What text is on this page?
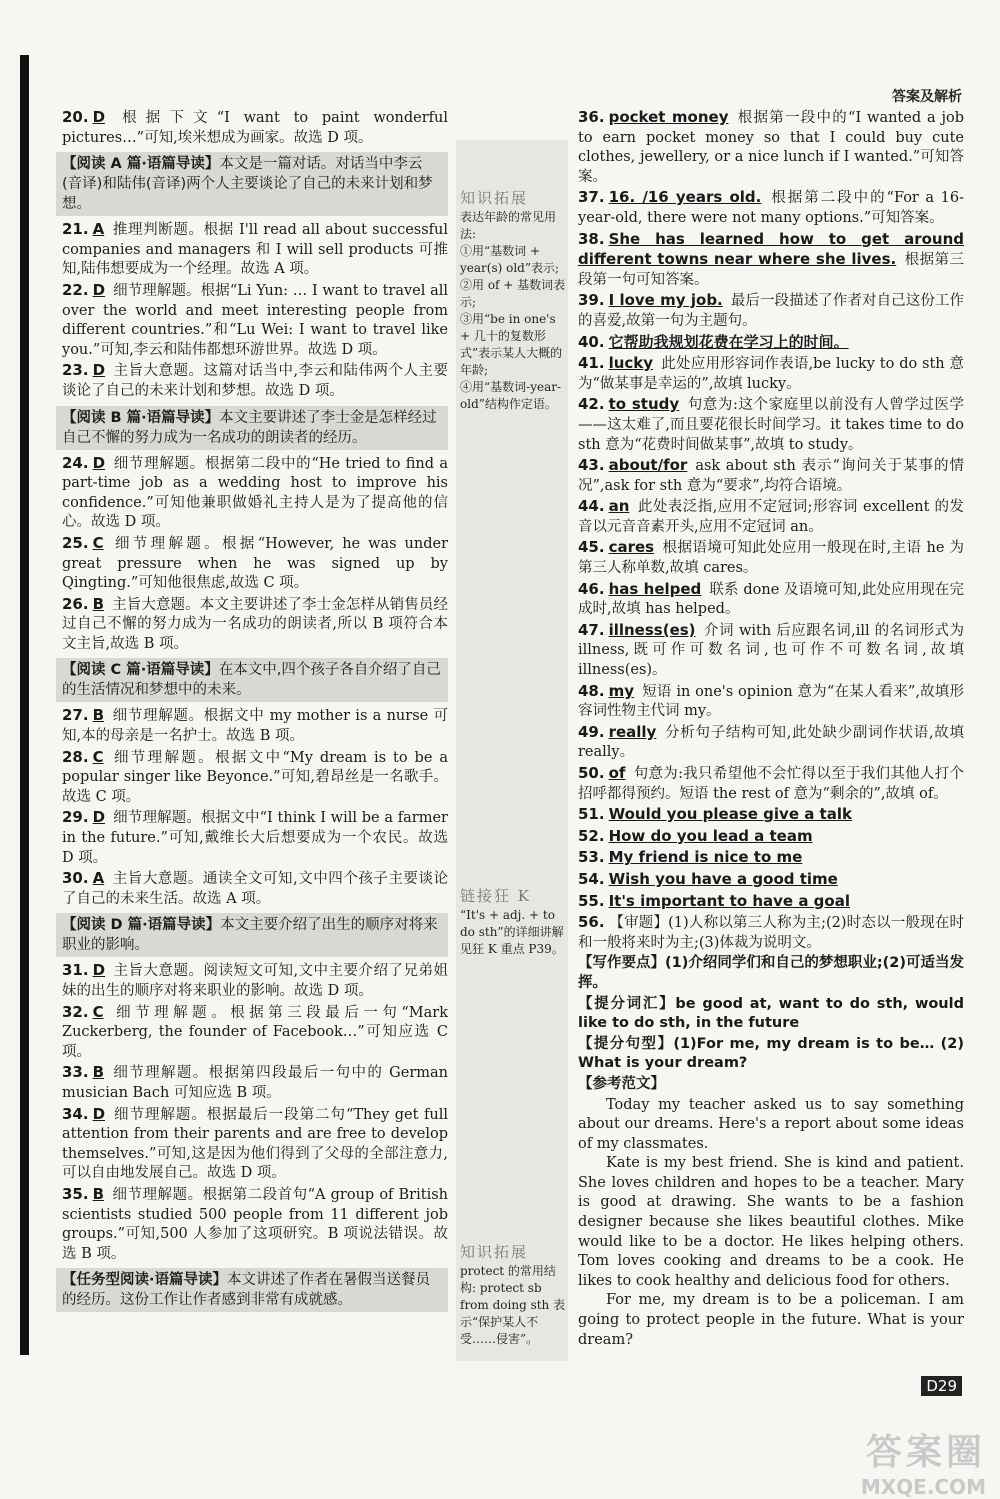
答案及解析
知识拓展

表达年龄的常见用法:

①用“基数词 + year(s) old”表示;

②用 of + 基数词表示;

③用“be in one's + 几十的复数形式”表示某人大概的年龄;

④用“基数词-year-old”结构作定语。

链接狂 K

“It's + adj. + to do sth”的详细讲解见狂 K 重点 P39。

知识拓展

protect 的常用结构: protect sb from doing sth 表示“保护某人不受……侵害”。

20. D 根据下文“I want to paint wonderful pictures…”可知,埃米想成为画家。故选 D 项。

【阅读 A 篇·语篇导读】本文是一篇对话。对话当中李云(音译)和陆伟(音译)两个人主要谈论了自己的未来计划和梦想。

21. A 推理判断题。根据 I'll read all about successful companies and managers 和 I will sell products 可推知,陆伟想要成为一个经理。故选 A 项。

22. D 细节理解题。根据“Li Yun: … I want to travel all over the world and meet interesting people from different countries.”和“Lu Wei: I want to travel like you.”可知,李云和陆伟都想环游世界。故选 D 项。

23. D 主旨大意题。这篇对话当中,李云和陆伟两个人主要谈论了自己的未来计划和梦想。故选 D 项。

【阅读 B 篇·语篇导读】本文主要讲述了李士金是怎样经过自己不懈的努力成为一名成功的朗读者的经历。

24. D 细节理解题。根据第二段中的“He tried to find a part-time job as a wedding host to improve his confidence.”可知他兼职做婚礼主持人是为了提高他的信心。故选 D 项。

25. C 细节理解题。根据“However, he was under great pressure when he was signed up by Qingting.”可知他很焦虑,故选 C 项。

26. B 主旨大意题。本文主要讲述了李士金怎样从销售员经过自己不懈的努力成为一名成功的朗读者,所以 B 项符合本文主旨,故选 B 项。

【阅读 C 篇·语篇导读】在本文中,四个孩子各自介绍了自己的生活情况和梦想中的未来。

27. B 细节理解题。根据文中 my mother is a nurse 可知,本的母亲是一名护士。故选 B 项。

28. C 细节理解题。根据文中“My dream is to be a popular singer like Beyonce.”可知,碧昂丝是一名歌手。故选 C 项。

29. D 细节理解题。根据文中“I think I will be a farmer in the future.”可知,戴维长大后想要成为一个农民。故选 D 项。

30. A 主旨大意题。通读全文可知,文中四个孩子主要谈论了自己的未来生活。故选 A 项。

【阅读 D 篇·语篇导读】本文主要介绍了出生的顺序对将来职业的影响。

31. D 主旨大意题。阅读短文可知,文中主要介绍了兄弟姐妹的出生的顺序对将来职业的影响。故选 D 项。

32. C 细节理解题。根据第三段最后一句“Mark Zuckerberg, the founder of Facebook…”可知应选 C 项。

33. B 细节理解题。根据第四段最后一句中的 German musician Bach 可知应选 B 项。

34. D 细节理解题。根据最后一段第二句“They get full attention from their parents and are free to develop themselves.”可知,这是因为他们得到了父母的全部注意力,可以自由地发展自己。故选 D 项。

35. B 细节理解题。根据第二段首句“A group of British scientists studied 500 people from 11 different job groups.”可知,500 人参加了这项研究。B 项说法错误。故选 B 项。

【任务型阅读·语篇导读】本文讲述了作者在暑假当送餐员的经历。这份工作让作者感到非常有成就感。

36. pocket money 根据第一段中的“I wanted a job to earn pocket money so that I could buy cute clothes, jewellery, or a nice lunch if I wanted.”可知答案。

37. 16. /16 years old. 根据第二段中的“For a 16-year-old, there were not many options.”可知答案。

38. She has learned how to get around different towns near where she lives. 根据第三段第一句可知答案。

39. I love my job. 最后一段描述了作者对自己这份工作的喜爱,故第一句为主题句。

40. 它帮助我规划花费在学习上的时间。

41. lucky 此处应用形容词作表语,be lucky to do sth 意为“做某事是幸运的”,故填 lucky。

42. to study 句意为:这个家庭里以前没有人曾学过医学——这太难了,而且要花很长时间学习。it takes time to do sth 意为“花费时间做某事”,故填 to study。

43. about/for ask about sth 表示“询问关于某事的情况”,ask for sth 意为“要求”,均符合语境。

44. an 此处表泛指,应用不定冠词;形容词 excellent 的发音以元音音素开头,应用不定冠词 an。

45. cares 根据语境可知此处应用一般现在时,主语 he 为第三人称单数,故填 cares。

46. has helped 联系 done 及语境可知,此处应用现在完成时,故填 has helped。

47. illness(es) 介词 with 后应跟名词,ill 的名词形式为 illness,既可作可数名词,也可作不可数名词,故填 illness(es)。

48. my 短语 in one's opinion 意为“在某人看来”,故填形容词性物主代词 my。

49. really 分析句子结构可知,此处缺少副词作状语,故填 really。

50. of 句意为:我只希望他不会忙得以至于我们其他人打个招呼都得预约。短语 the rest of 意为“剩余的”,故填 of。

51. Would you please give a talk

52. How do you lead a team

53. My friend is nice to me

54. Wish you have a good time

55. It's important to have a goal

56. 【审题】(1)人称以第三人称为主;(2)时态以一般现在时和一般将来时为主;(3)体裁为说明文。

【写作要点】(1)介绍同学们和自己的梦想职业;(2)可适当发挥。

【提分词汇】be good at, want to do sth, would like to do sth, in the future

【提分句型】(1)For me, my dream is to be… (2) What is your dream?

【参考范文】

Today my teacher asked us to say something about our dreams. Here's a report about some ideas of my classmates.

Kate is my best friend. She is kind and patient. She loves children and hopes to be a teacher. Mary is good at drawing. She wants to be a fashion designer because she likes beautiful clothes. Mike would like to be a doctor. He likes helping others. Tom loves cooking and dreams to be a cook. He likes to cook healthy and delicious food for others.

For me, my dream is to be a policeman. I am going to protect people in the future. What is your dream?

D29
答案圈
MXQE.COM
